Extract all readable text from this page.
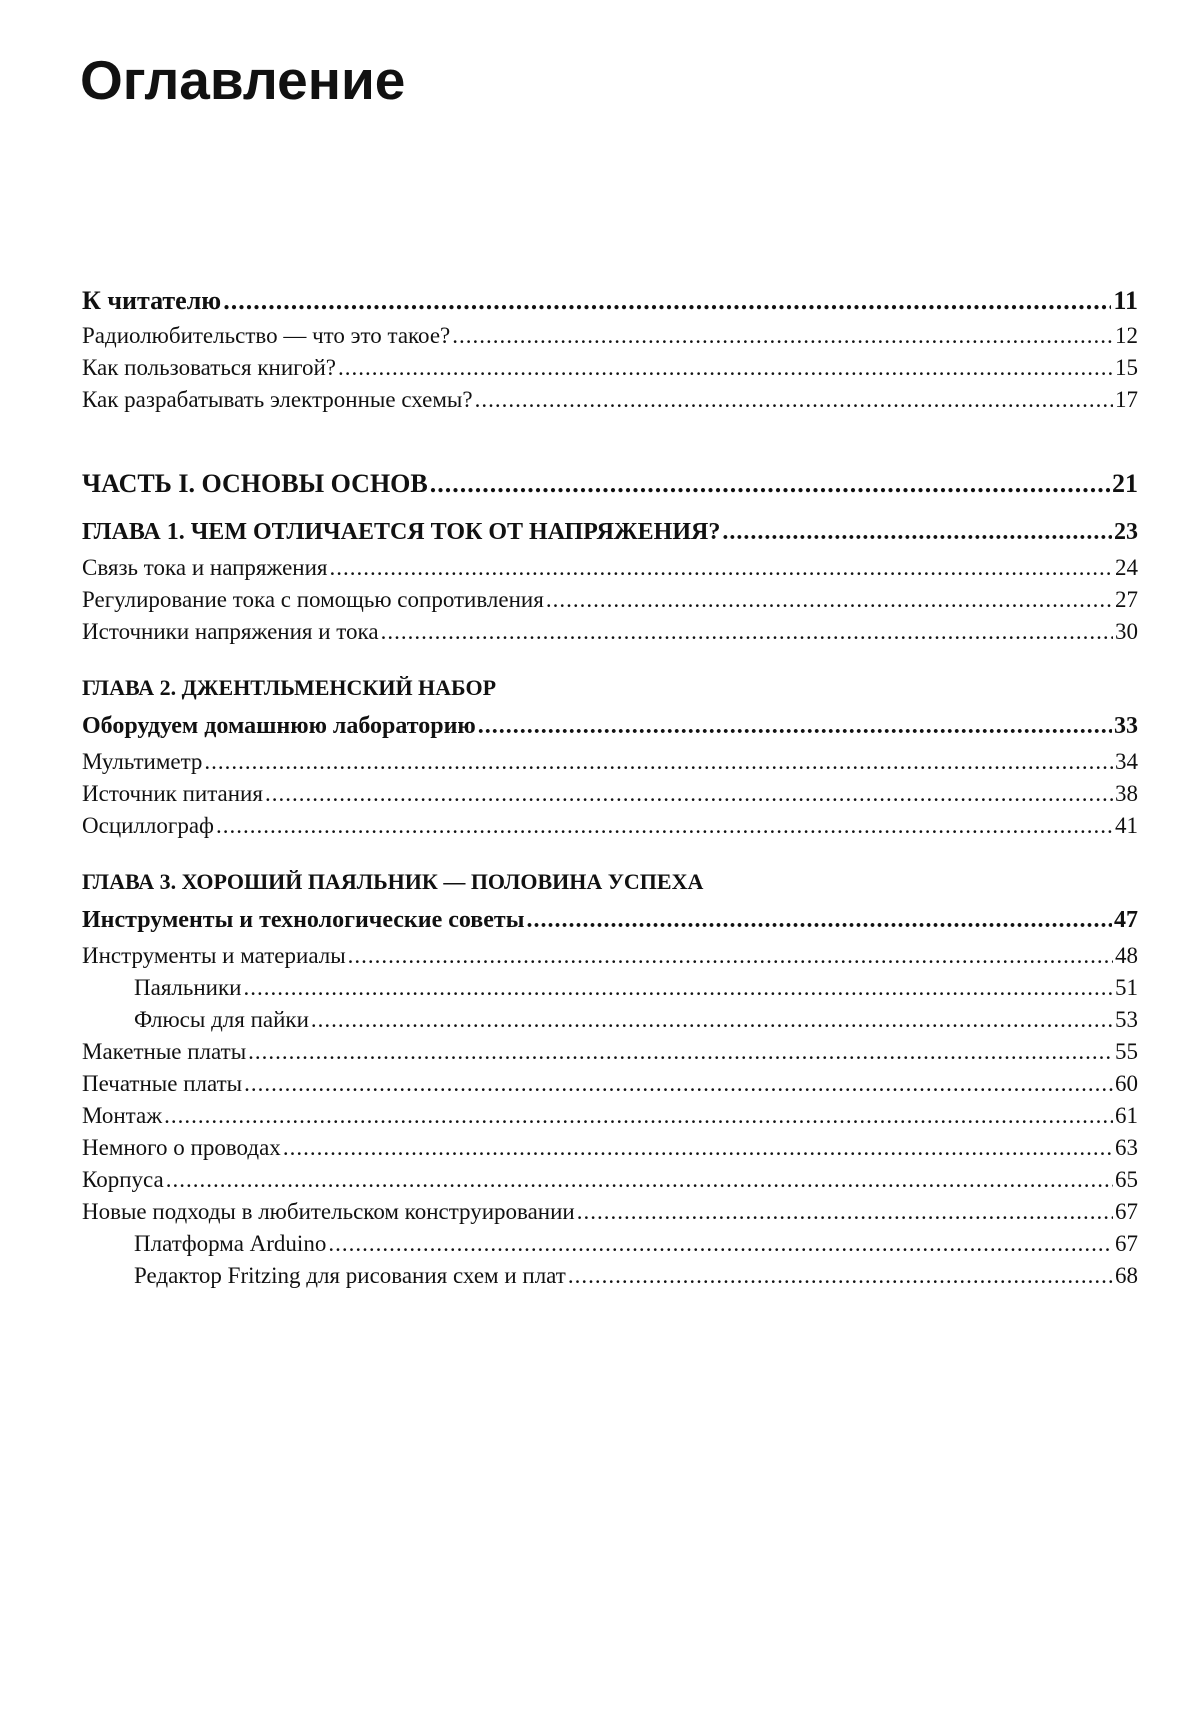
Оглавление
К читателю .....	11
Радиолюбительство — что это такое? .....	12
Как пользоваться книгой? .....	15
Как разрабатывать электронные схемы? .....	17
ЧАСТЬ I. ОСНОВЫ ОСНОВ .....	21
ГЛАВА 1. ЧЕМ ОТЛИЧАЕТСЯ ТОК ОТ НАПРЯЖЕНИЯ? .....	23
Связь тока и напряжения .....	24
Регулирование тока с помощью сопротивления .....	27
Источники напряжения и тока .....	30
ГЛАВА 2. ДЖЕНТЛЬМЕНСКИЙ НАБОР
Оборудуем домашнюю лабораторию .....	33
Мультиметр .....	34
Источник питания .....	38
Осциллограф .....	41
ГЛАВА 3. ХОРОШИЙ ПАЯЛЬНИК — ПОЛОВИНА УСПЕХА
Инструменты и технологические советы .....	47
Инструменты и материалы .....	48
Паяльники .....	51
Флюсы для пайки .....	53
Макетные платы .....	55
Печатные платы .....	60
Монтаж .....	61
Немного о проводах .....	63
Корпуса .....	65
Новые подходы в любительском конструировании .....	67
Платформа Arduino .....	67
Редактор Fritzing для рисования схем и плат .....	68
